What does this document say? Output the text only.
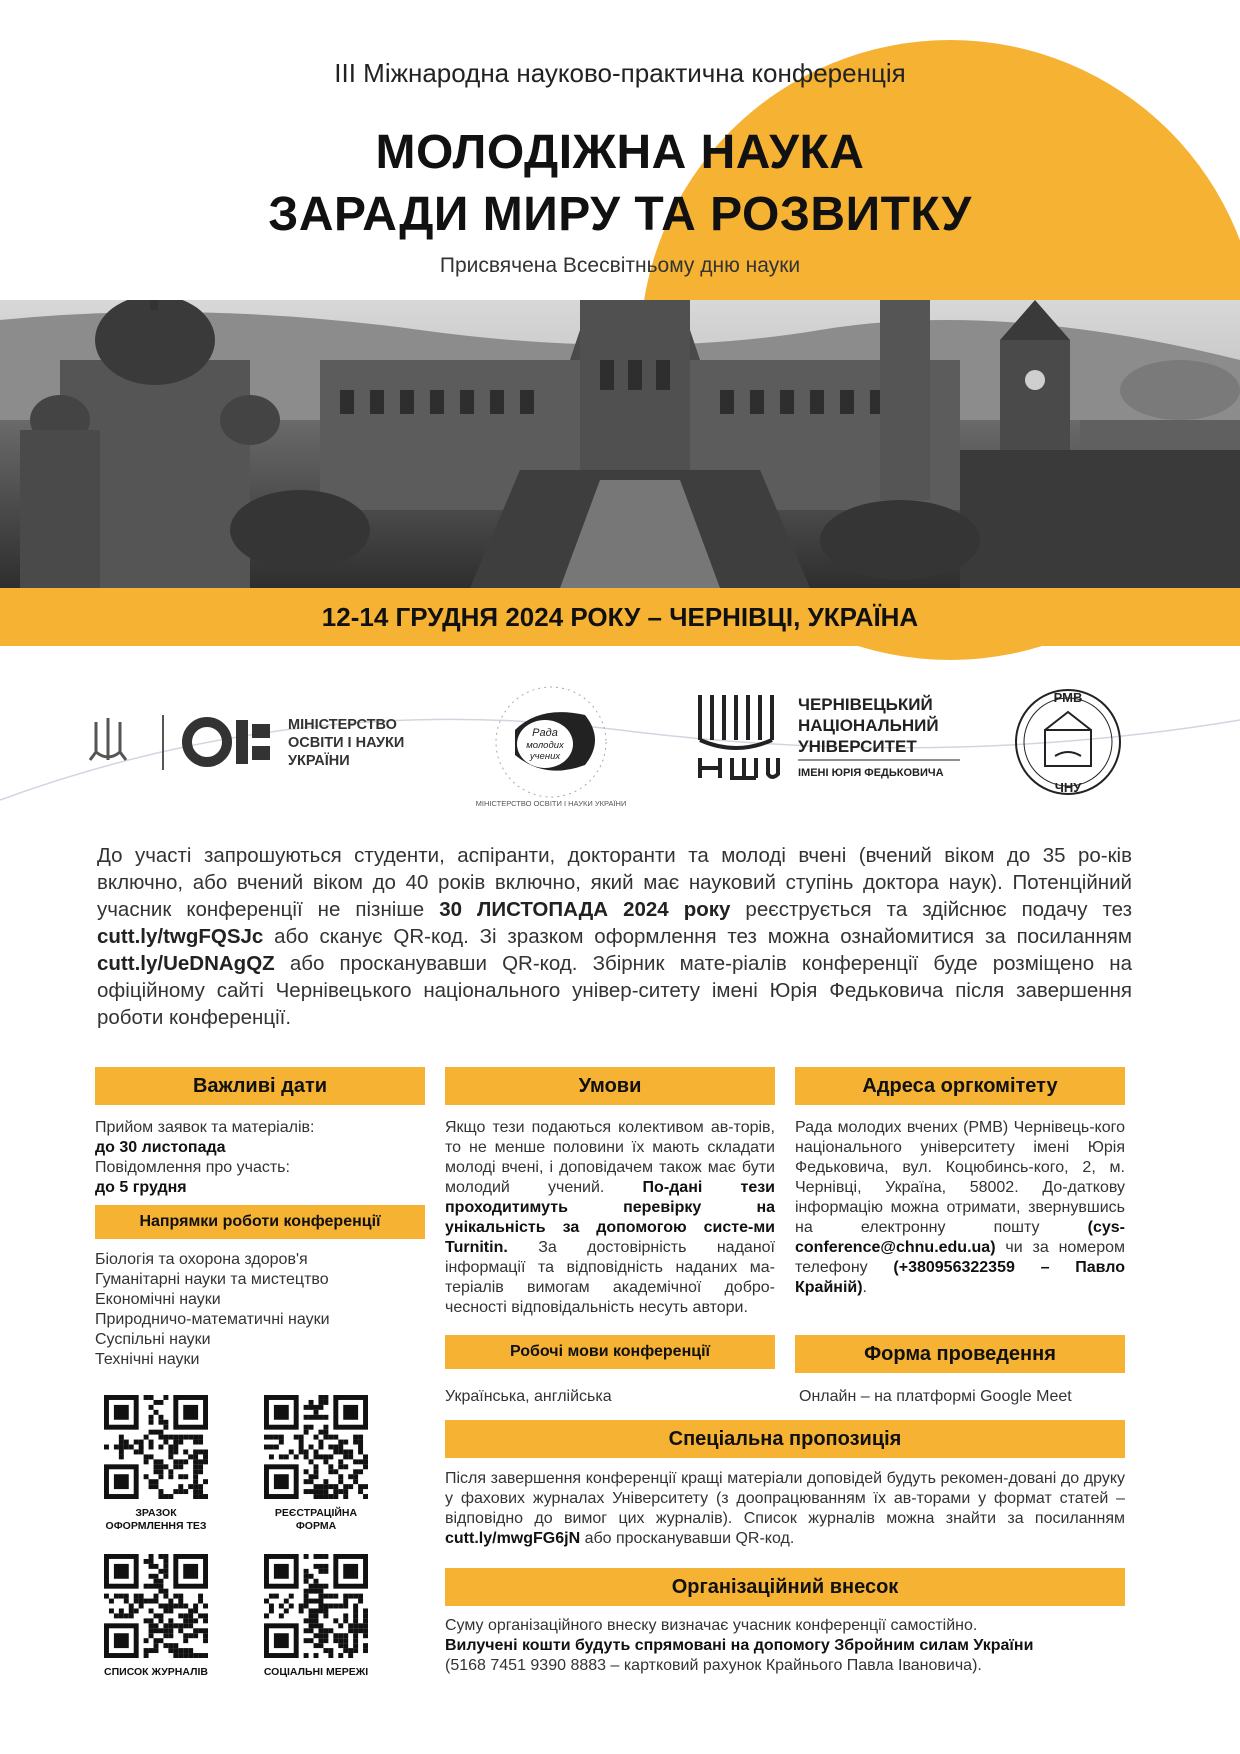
ІІІ Міжнародна науково-практична конференція
МОЛОДІЖНА НАУКА
ЗАРАДИ МИРУ ТА РОЗВИТКУ
Присвячена Всесвітньому дню науки
12-14 ГРУДНЯ 2024 РОКУ – ЧЕРНІВЦІ, УКРАЇНА
МІНІСТЕРСТВО
ОСВІТИ І НАУКИ
УКРАЇНИ
Рада
молодих
учених
МІНІСТЕРСТВО ОСВІТИ І НАУКИ УКРАЇНИ
ЧЕРНІВЕЦЬКИЙ
НАЦІОНАЛЬНИЙ
УНІВЕРСИТЕТ
ІМЕНІ ЮРІЯ ФЕДЬКОВИЧА
ЧНУ
РМВ
ЧНУ
До участі запрошуються студенти, аспіранти, докторанти та молоді вчені (вчений віком до 35 ро-ків включно, або вчений віком до 40 років включно, який має науковий ступінь доктора наук). Потенційний учасник конференції не пізніше 30 ЛИСТОПАДА 2024 року реєструється та здійснює подачу тез cutt.ly/twgFQSJc або сканує QR-код. Зі зразком оформлення тез можна ознайомитися за посиланням cutt.ly/UeDNAgQZ або просканувавши QR-код. Збірник мате-ріалів конференції буде розміщено на офіційному сайті Чернівецького національного універ-ситету імені Юрія Федьковича після завершення роботи конференції.
Важливі дати
Прийом заявок та матеріалів:
до 30 листопада
Повідомлення про участь:
до 5 грудня
Напрямки роботи конференції
Біологія та охорона здоров'я
Гуманітарні науки та мистецтво
Економічні науки
Природничо-математичні науки
Суспільні науки
Технічні науки
ЗРАЗОК
ОФОРМЛЕННЯ ТЕЗ
РЕЄСТРАЦІЙНА
ФОРМА
СПИСОК ЖУРНАЛІВ	СОЦІАЛЬНІ МЕРЕЖІ
Умови
Якщо тези подаються колективом ав-торів, то не менше половини їх мають складати молоді вчені, і доповідачем також має бути молодий учений. По-дані тези проходитимуть перевірку на унікальність за допомогою систе-ми Turnitin. За достовірність наданої інформації та відповідність наданих ма-теріалів вимогам академічної добро-чесності відповідальність несуть автори.
Робочі мови конференції
Українська, англійська
Адреса оргкомітету
Рада молодих вчених (РМВ) Чернівець-кого національного університету імені Юрія Федьковича, вул. Коцюбинсь-кого, 2, м. Чернівці, Україна, 58002. До-даткову інформацію можна отримати, звернувшись на електронну пошту (cys-conference@chnu.edu.ua) чи за номером телефону (+380956322359 – Павло Крайній).
Форма проведення
Онлайн – на платформі Google Meet
Спеціальна пропозиція
Після завершення конференції кращі матеріали доповідей будуть рекомен-довані до друку у фахових журналах Університету (з доопрацюванням їх ав-торами у формат статей – відповідно до вимог цих журналів). Список журналів можна знайти за посиланням cutt.ly/mwgFG6jN або просканувавши QR-код.
Організаційний внесок
Суму організаційного внеску визначає учасник конференції самостійно.
Вилучені кошти будуть спрямовані на допомогу Збройним силам України
(5168 7451 9390 8883 – картковий рахунок Крайнього Павла Івановича).
